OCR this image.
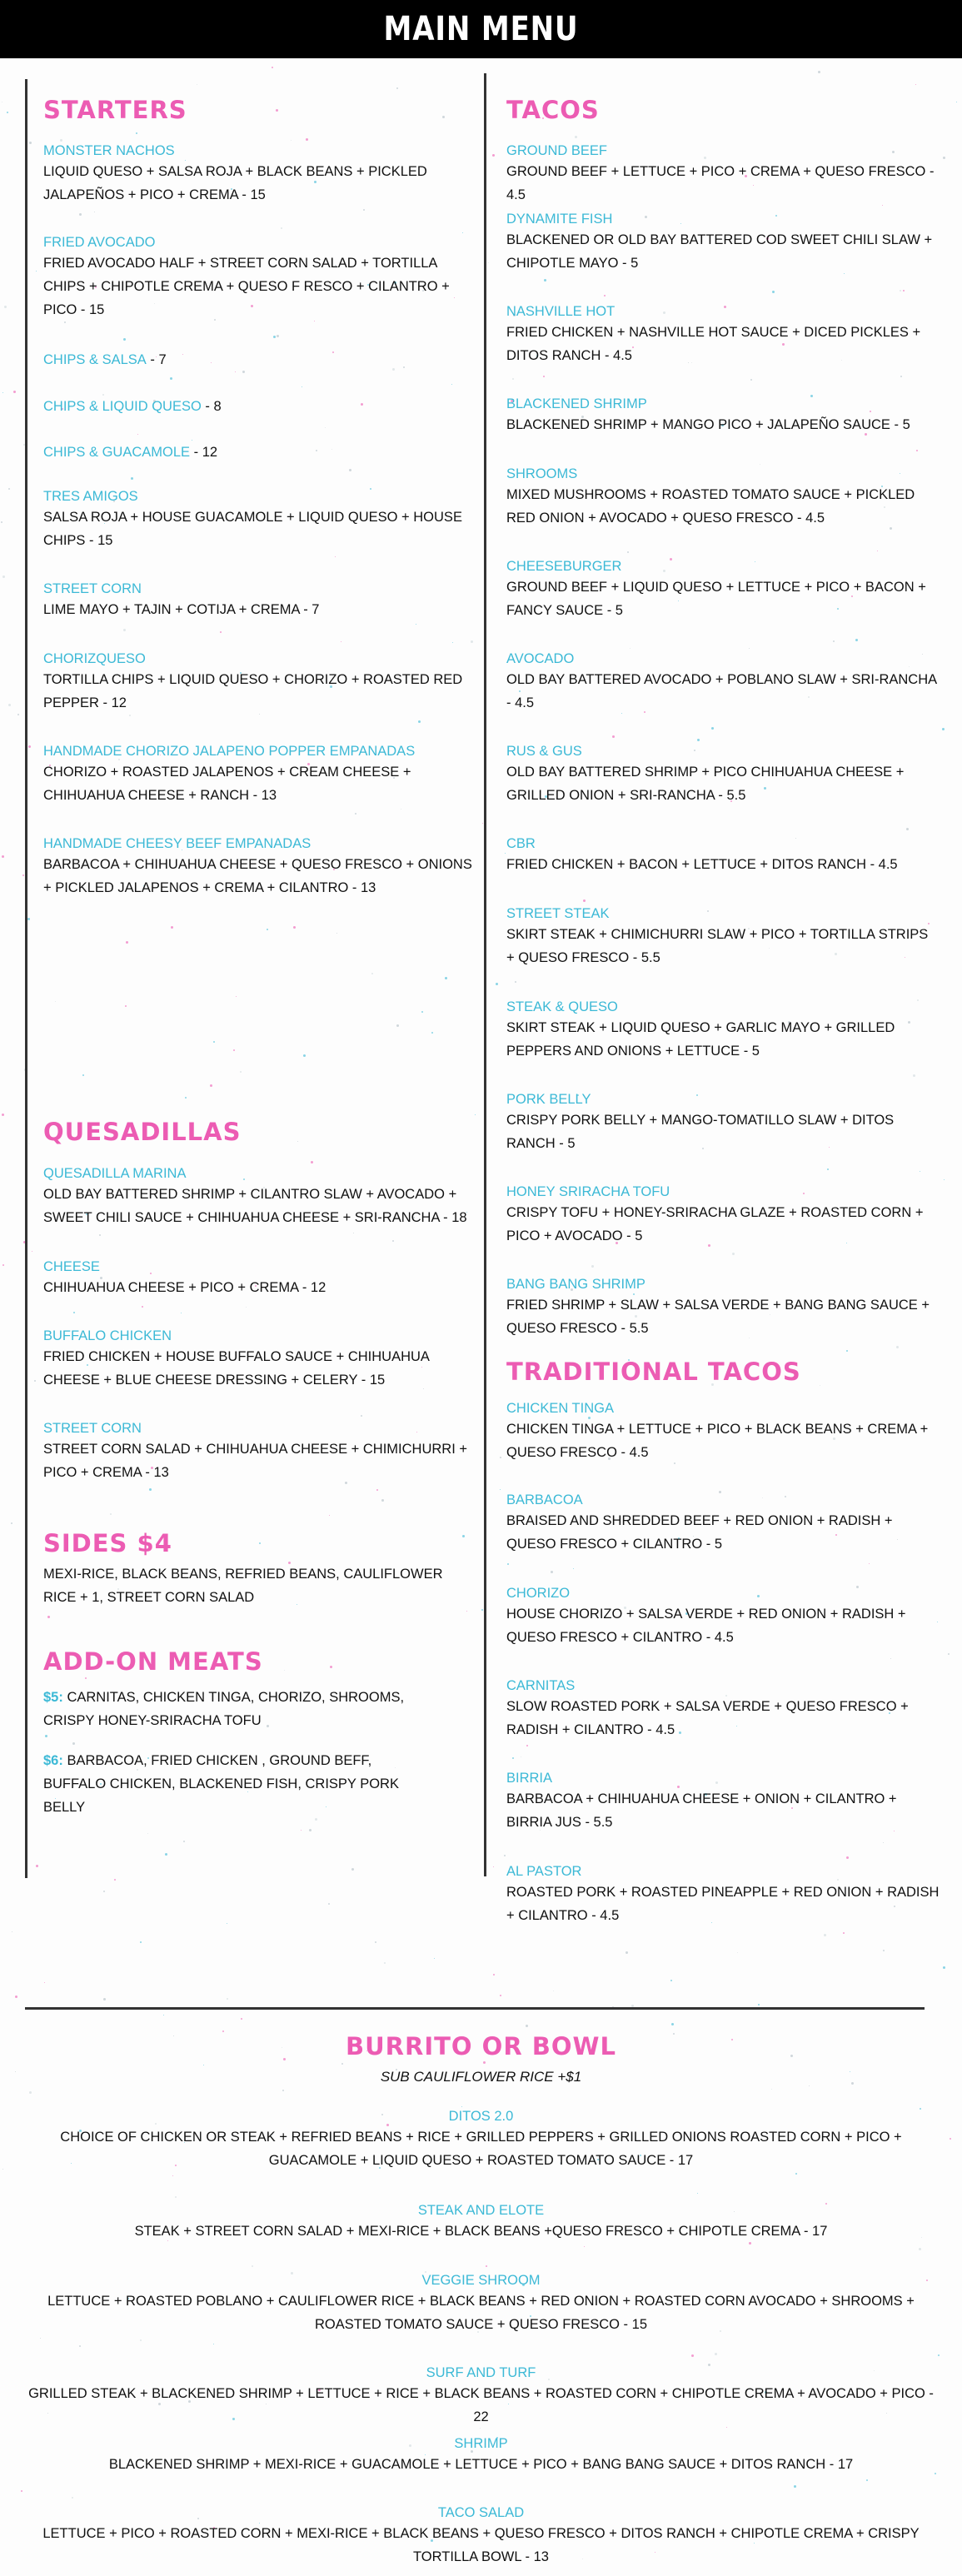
MAIN MENU
STARTERS
MONSTER NACHOS
LIQUID QUESO + SALSA ROJA + BLACK BEANS + PICKLED JALAPEÑOS + PICO + CREMA - 15
FRIED AVOCADO
FRIED AVOCADO HALF + STREET CORN SALAD + TORTILLA CHIPS + CHIPOTLE CREMA + QUESO F RESCO + CILANTRO + PICO - 15
CHIPS & SALSA - 7
CHIPS & LIQUID QUESO - 8
CHIPS & GUACAMOLE - 12
TRES AMIGOS
SALSA ROJA + HOUSE GUACAMOLE + LIQUID QUESO + HOUSE CHIPS - 15
STREET CORN
LIME MAYO + TAJIN + COTIJA + CREMA - 7
CHORIZQUESO
TORTILLA CHIPS + LIQUID QUESO + CHORIZO + ROASTED RED PEPPER - 12
HANDMADE CHORIZO JALAPENO POPPER EMPANADAS
CHORIZO + ROASTED JALAPENOS + CREAM CHEESE + CHIHUAHUA CHEESE + RANCH - 13
HANDMADE CHEESY BEEF EMPANADAS
BARBACOA + CHIHUAHUA CHEESE + QUESO FRESCO + ONIONS + PICKLED JALAPENOS + CREMA + CILANTRO - 13
QUESADILLAS
QUESADILLA MARINA
OLD BAY BATTERED SHRIMP + CILANTRO SLAW + AVOCADO + SWEET CHILI SAUCE + CHIHUAHUA CHEESE + SRI-RANCHA - 18
CHEESE
CHIHUAHUA CHEESE + PICO + CREMA - 12
BUFFALO CHICKEN
FRIED CHICKEN + HOUSE BUFFALO SAUCE + CHIHUAHUA CHEESE + BLUE CHEESE DRESSING + CELERY - 15
STREET CORN
STREET CORN SALAD + CHIHUAHUA CHEESE + CHIMICHURRI + PICO + CREMA - 13
SIDES $4
MEXI-RICE, BLACK BEANS, REFRIED BEANS, CAULIFLOWER RICE + 1, STREET CORN SALAD
ADD-ON MEATS
$5: CARNITAS, CHICKEN TINGA, CHORIZO, SHROOMS, CRISPY HONEY-SRIRACHA TOFU
$6: BARBACOA, FRIED CHICKEN , GROUND BEFF, BUFFALO CHICKEN, BLACKENED FISH, CRISPY PORK BELLY
TACOS
GROUND BEEF
GROUND BEEF + LETTUCE + PICO + CREMA + QUESO FRESCO - 4.5
DYNAMITE FISH
BLACKENED OR OLD BAY BATTERED COD SWEET CHILI SLAW + CHIPOTLE MAYO - 5
NASHVILLE HOT
FRIED CHICKEN + NASHVILLE HOT SAUCE + DICED PICKLES + DITOS RANCH - 4.5
BLACKENED SHRIMP
BLACKENED SHRIMP + MANGO PICO + JALAPEÑO SAUCE - 5
SHROOMS
MIXED MUSHROOMS + ROASTED TOMATO SAUCE + PICKLED RED ONION + AVOCADO + QUESO FRESCO - 4.5
CHEESEBURGER
GROUND BEEF + LIQUID QUESO + LETTUCE + PICO + BACON + FANCY SAUCE - 5
AVOCADO
OLD BAY BATTERED AVOCADO + POBLANO SLAW + SRI-RANCHA - 4.5
RUS & GUS
OLD BAY BATTERED SHRIMP + PICO CHIHUAHUA CHEESE + GRILLED ONION + SRI-RANCHA - 5.5
CBR
FRIED CHICKEN + BACON + LETTUCE + DITOS RANCH - 4.5
STREET STEAK
SKIRT STEAK + CHIMICHURRI SLAW + PICO + TORTILLA STRIPS + QUESO FRESCO - 5.5
STEAK & QUESO
SKIRT STEAK + LIQUID QUESO + GARLIC MAYO + GRILLED PEPPERS AND ONIONS + LETTUCE - 5
PORK BELLY
CRISPY PORK BELLY + MANGO-TOMATILLO SLAW + DITOS RANCH - 5
HONEY SRIRACHA TOFU
CRISPY TOFU + HONEY-SRIRACHA GLAZE + ROASTED CORN + PICO + AVOCADO - 5
BANG BANG SHRIMP
FRIED SHRIMP + SLAW + SALSA VERDE + BANG BANG SAUCE + QUESO FRESCO - 5.5
TRADITIONAL TACOS
CHICKEN TINGA
CHICKEN TINGA + LETTUCE + PICO + BLACK BEANS + CREMA + QUESO FRESCO - 4.5
BARBACOA
BRAISED AND SHREDDED BEEF + RED ONION + RADISH + QUESO FRESCO + CILANTRO - 5
CHORIZO
HOUSE CHORIZO + SALSA VERDE + RED ONION + RADISH + QUESO FRESCO + CILANTRO - 4.5
CARNITAS
SLOW ROASTED PORK + SALSA VERDE + QUESO FRESCO + RADISH + CILANTRO - 4.5
BIRRIA
BARBACOA + CHIHUAHUA CHEESE + ONION + CILANTRO + BIRRIA JUS - 5.5
AL PASTOR
ROASTED PORK + ROASTED PINEAPPLE + RED ONION + RADISH + CILANTRO - 4.5
BURRITO OR BOWL
SUB CAULIFLOWER RICE +$1
DITOS 2.0
CHOICE OF CHICKEN OR STEAK + REFRIED BEANS + RICE + GRILLED PEPPERS + GRILLED ONIONS ROASTED CORN + PICO + GUACAMOLE + LIQUID QUESO + ROASTED TOMATO SAUCE - 17
STEAK AND ELOTE
STEAK + STREET CORN SALAD + MEXI-RICE + BLACK BEANS +QUESO FRESCO + CHIPOTLE CREMA - 17
VEGGIE SHROOM
LETTUCE + ROASTED POBLANO + CAULIFLOWER RICE + BLACK BEANS + RED ONION + ROASTED CORN AVOCADO + SHROOMS + ROASTED TOMATO SAUCE + QUESO FRESCO - 15
SURF AND TURF
GRILLED STEAK + BLACKENED SHRIMP + LETTUCE + RICE + BLACK BEANS + ROASTED CORN + CHIPOTLE CREMA + AVOCADO + PICO - 22
SHRIMP
BLACKENED SHRIMP + MEXI-RICE + GUACAMOLE + LETTUCE + PICO + BANG BANG SAUCE + DITOS RANCH - 17
TACO SALAD
LETTUCE + PICO + ROASTED CORN + MEXI-RICE + BLACK BEANS + QUESO FRESCO + DITOS RANCH + CHIPOTLE CREMA + CRISPY TORTILLA BOWL - 13
